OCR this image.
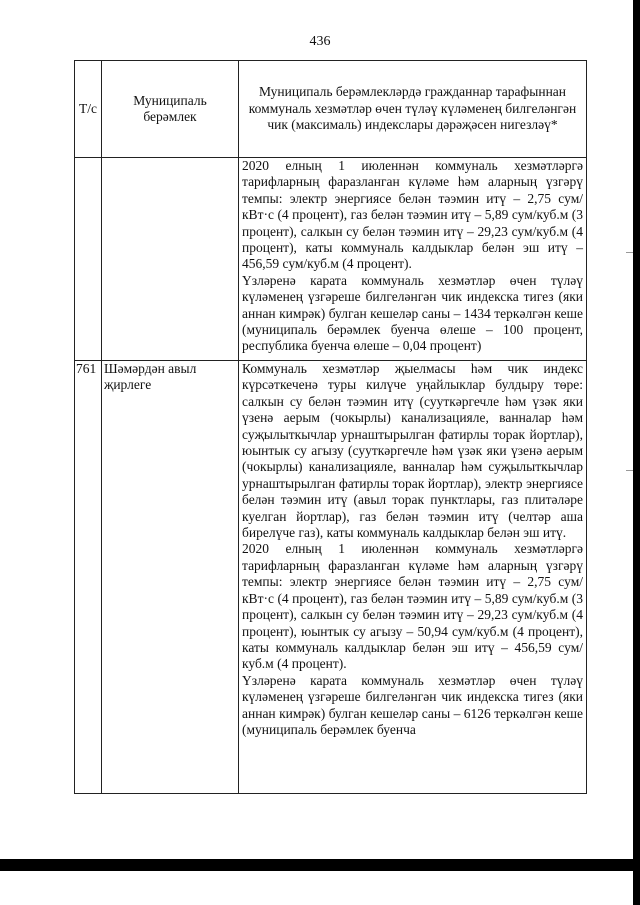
436
Т/с	Муниципаль берәмлек	Муниципаль берәмлекләрдә гражданнар тарафыннан коммуналь хезмәтләр өчен түләү күләменең билгеләнгән чик (максималь) индекслары дәрәҗәсен нигезләү*

		2020 елның 1 июленнән коммуналь хезмәтләргә тарифларның фаразланган күләме һәм аларның үзгәрү темпы: электр энергиясе белән тәэмин итү – 2,75 сум/кВт·с (4 процент), газ белән тәэмин итү – 5,89 сум/куб.м (3 процент), салкын су белән тәэмин итү – 29,23 сум/куб.м (4 процент), каты коммуналь калдыклар белән эш итү – 456,59 сум/куб.м (4 процент).

Үзләренә карата коммуналь хезмәтләр өчен түләү күләменең үзгәреше билгеләнгән чик индекска тигез (яки аннан кимрәк) булган кешеләр саны – 1434 теркәлгән кеше (муниципаль берәмлек буенча өлеше – 100 процент, республика буенча өлеше – 0,04 процент)

761	Шәмәрдән авыл җирлеге	Коммуналь хезмәтләр җыелмасы һәм чик индекс күрсәткеченә туры килүче уңайлыклар булдыру төре: салкын су белән тәэмин итү (сууткәргечле һәм үзәк яки үзенә аерым (чокырлы) канализацияле, ванналар һәм суҗылыткычлар урнаштырылган фатирлы торак йортлар), юынтык су агызу (сууткәргечле һәм үзәк яки үзенә аерым (чокырлы) канализацияле, ванналар һәм суҗылыткычлар урнаштырылган фатирлы торак йортлар), электр энергиясе белән тәэмин итү (авыл торак пунктлары, газ плитәләре куелган йортлар), газ белән тәэмин итү (челтәр аша бирелүче газ), каты коммуналь калдыклар белән эш итү.

2020 елның 1 июленнән коммуналь хезмәтләргә тарифларның фаразланган күләме һәм аларның үзгәрү темпы: электр энергиясе белән тәэмин итү – 2,75 сум/кВт·с (4 процент), газ белән тәэмин итү – 5,89 сум/куб.м (3 процент), салкын су белән тәэмин итү – 29,23 сум/куб.м (4 процент), юынтык су агызу – 50,94 сум/куб.м (4 процент), каты коммуналь калдыклар белән эш итү – 456,59 сум/куб.м (4 процент).

Үзләренә карата коммуналь хезмәтләр өчен түләү күләменең үзгәреше билгеләнгән чик индекска тигез (яки аннан кимрәк) булган кешеләр саны – 6126 теркәлгән кеше (муниципаль берәмлек буенча
